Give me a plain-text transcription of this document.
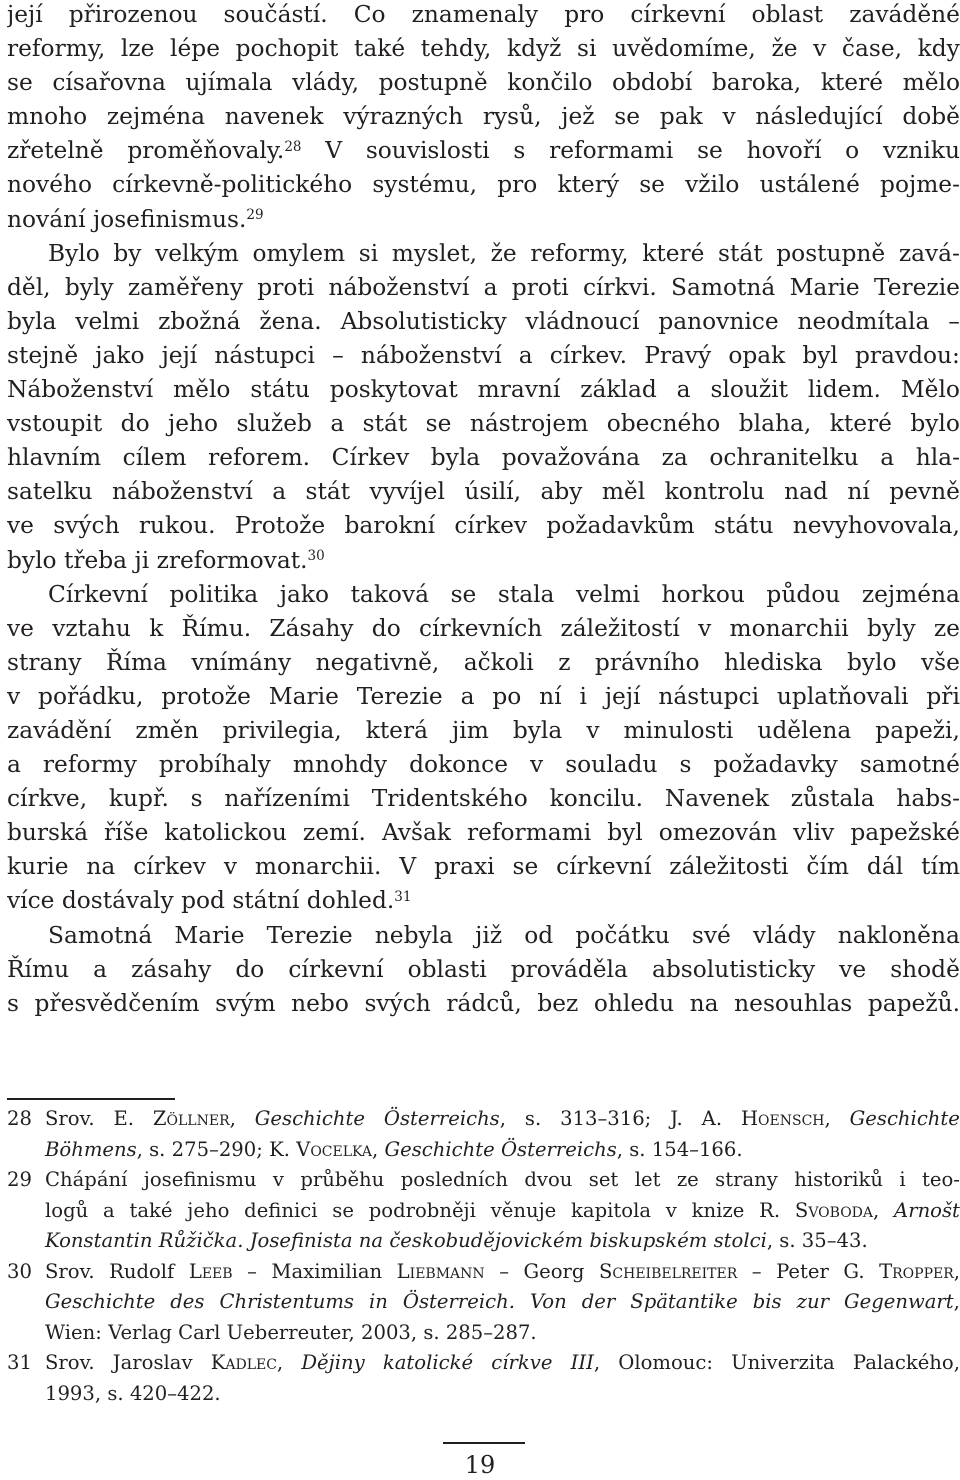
její přirozenou součástí. Co znamenaly pro církevní oblast zaváděné
reformy, lze lépe pochopit také tehdy, když si uvědomíme, že v čase, kdy
se císařovna ujímala vlády, postupně končilo období baroka, které mělo
mnoho zejména navenek výrazných rysů, jež se pak v následující době
zřetelně proměňovaly.$^{28}$ V souvislosti s reformami se hovoří o vzniku
nového církevně-politického systému, pro který se vžilo ustálené pojme-
nování josefinismus.$^{29}$
Bylo by velkým omylem si myslet, že reformy, které stát postupně zavá-
děl, byly zaměřeny proti náboženství a proti církvi. Samotná Marie Terezie
byla velmi zbožná žena. Absolutisticky vládnoucí panovnice neodmítala –
stejně jako její nástupci – náboženství a církev. Pravý opak byl pravdou:
Náboženství mělo státu poskytovat mravní základ a sloužit lidem. Mělo
vstoupit do jeho služeb a stát se nástrojem obecného blaha, které bylo
hlavním cílem reforem. Církev byla považována za ochranitelku a hla-
satelku náboženství a stát vyvíjel úsilí, aby měl kontrolu nad ní pevně
ve svých rukou. Protože barokní církev požadavkům státu nevyhovovala,
bylo třeba ji zreformovat.$^{30}$
Církevní politika jako taková se stala velmi horkou půdou zejména
ve vztahu k Římu. Zásahy do církevních záležitostí v monarchii byly ze
strany Říma vnímány negativně, ačkoli z právního hlediska bylo vše
v pořádku, protože Marie Terezie a po ní i její nástupci uplatňovali při
zavádění změn privilegia, která jim byla v minulosti udělena papeži,
a reformy probíhaly mnohdy dokonce v souladu s požadavky samotné
církve, kupř. s nařízeními Tridentského koncilu. Navenek zůstala habs-
burská říše katolickou zemí. Avšak reformami byl omezován vliv papežské
kurie na církev v monarchii. V praxi se církevní záležitosti čím dál tím
více dostávaly pod státní dohled.$^{31}$
Samotná Marie Terezie nebyla již od počátku své vlády nakloněna
Římu a zásahy do církevní oblasti prováděla absolutisticky ve shodě
s přesvědčením svým nebo svých rádců, bez ohledu na nesouhlas papežů.
28 Srov. E. Zöllner, Geschichte Österreichs, s. 313–316; J. A. Hoensch, Geschichte
Böhmens , s. 275–290; K. Vocelka , Geschichte Österreichs , s. 154–166.
29 Chápání josefinismu v průběhu posledních dvou set let ze strany historiků i teo-
logů a také jeho definici se podrobněji věnuje kapitola v knize R. Svoboda, Arnošt
Konstantin Růžička. Josefinista na českobudějovickém biskupském stolci , s. 35–43.
30 Srov. Rudolf Leeb – Maximilian Liebmann – Georg Scheibelreiter – Peter G. Tropper,
Geschichte des Christentums in Österreich. Von der Spätantike bis zur Gegenwart,
Wien: Verlag Carl Ueberreuter, 2003, s. 285–287.
31 Srov. Jaroslav Kadlec, Dějiny katolické církve III, Olomouc: Univerzita Palackého,
1993, s. 420–422.
19
